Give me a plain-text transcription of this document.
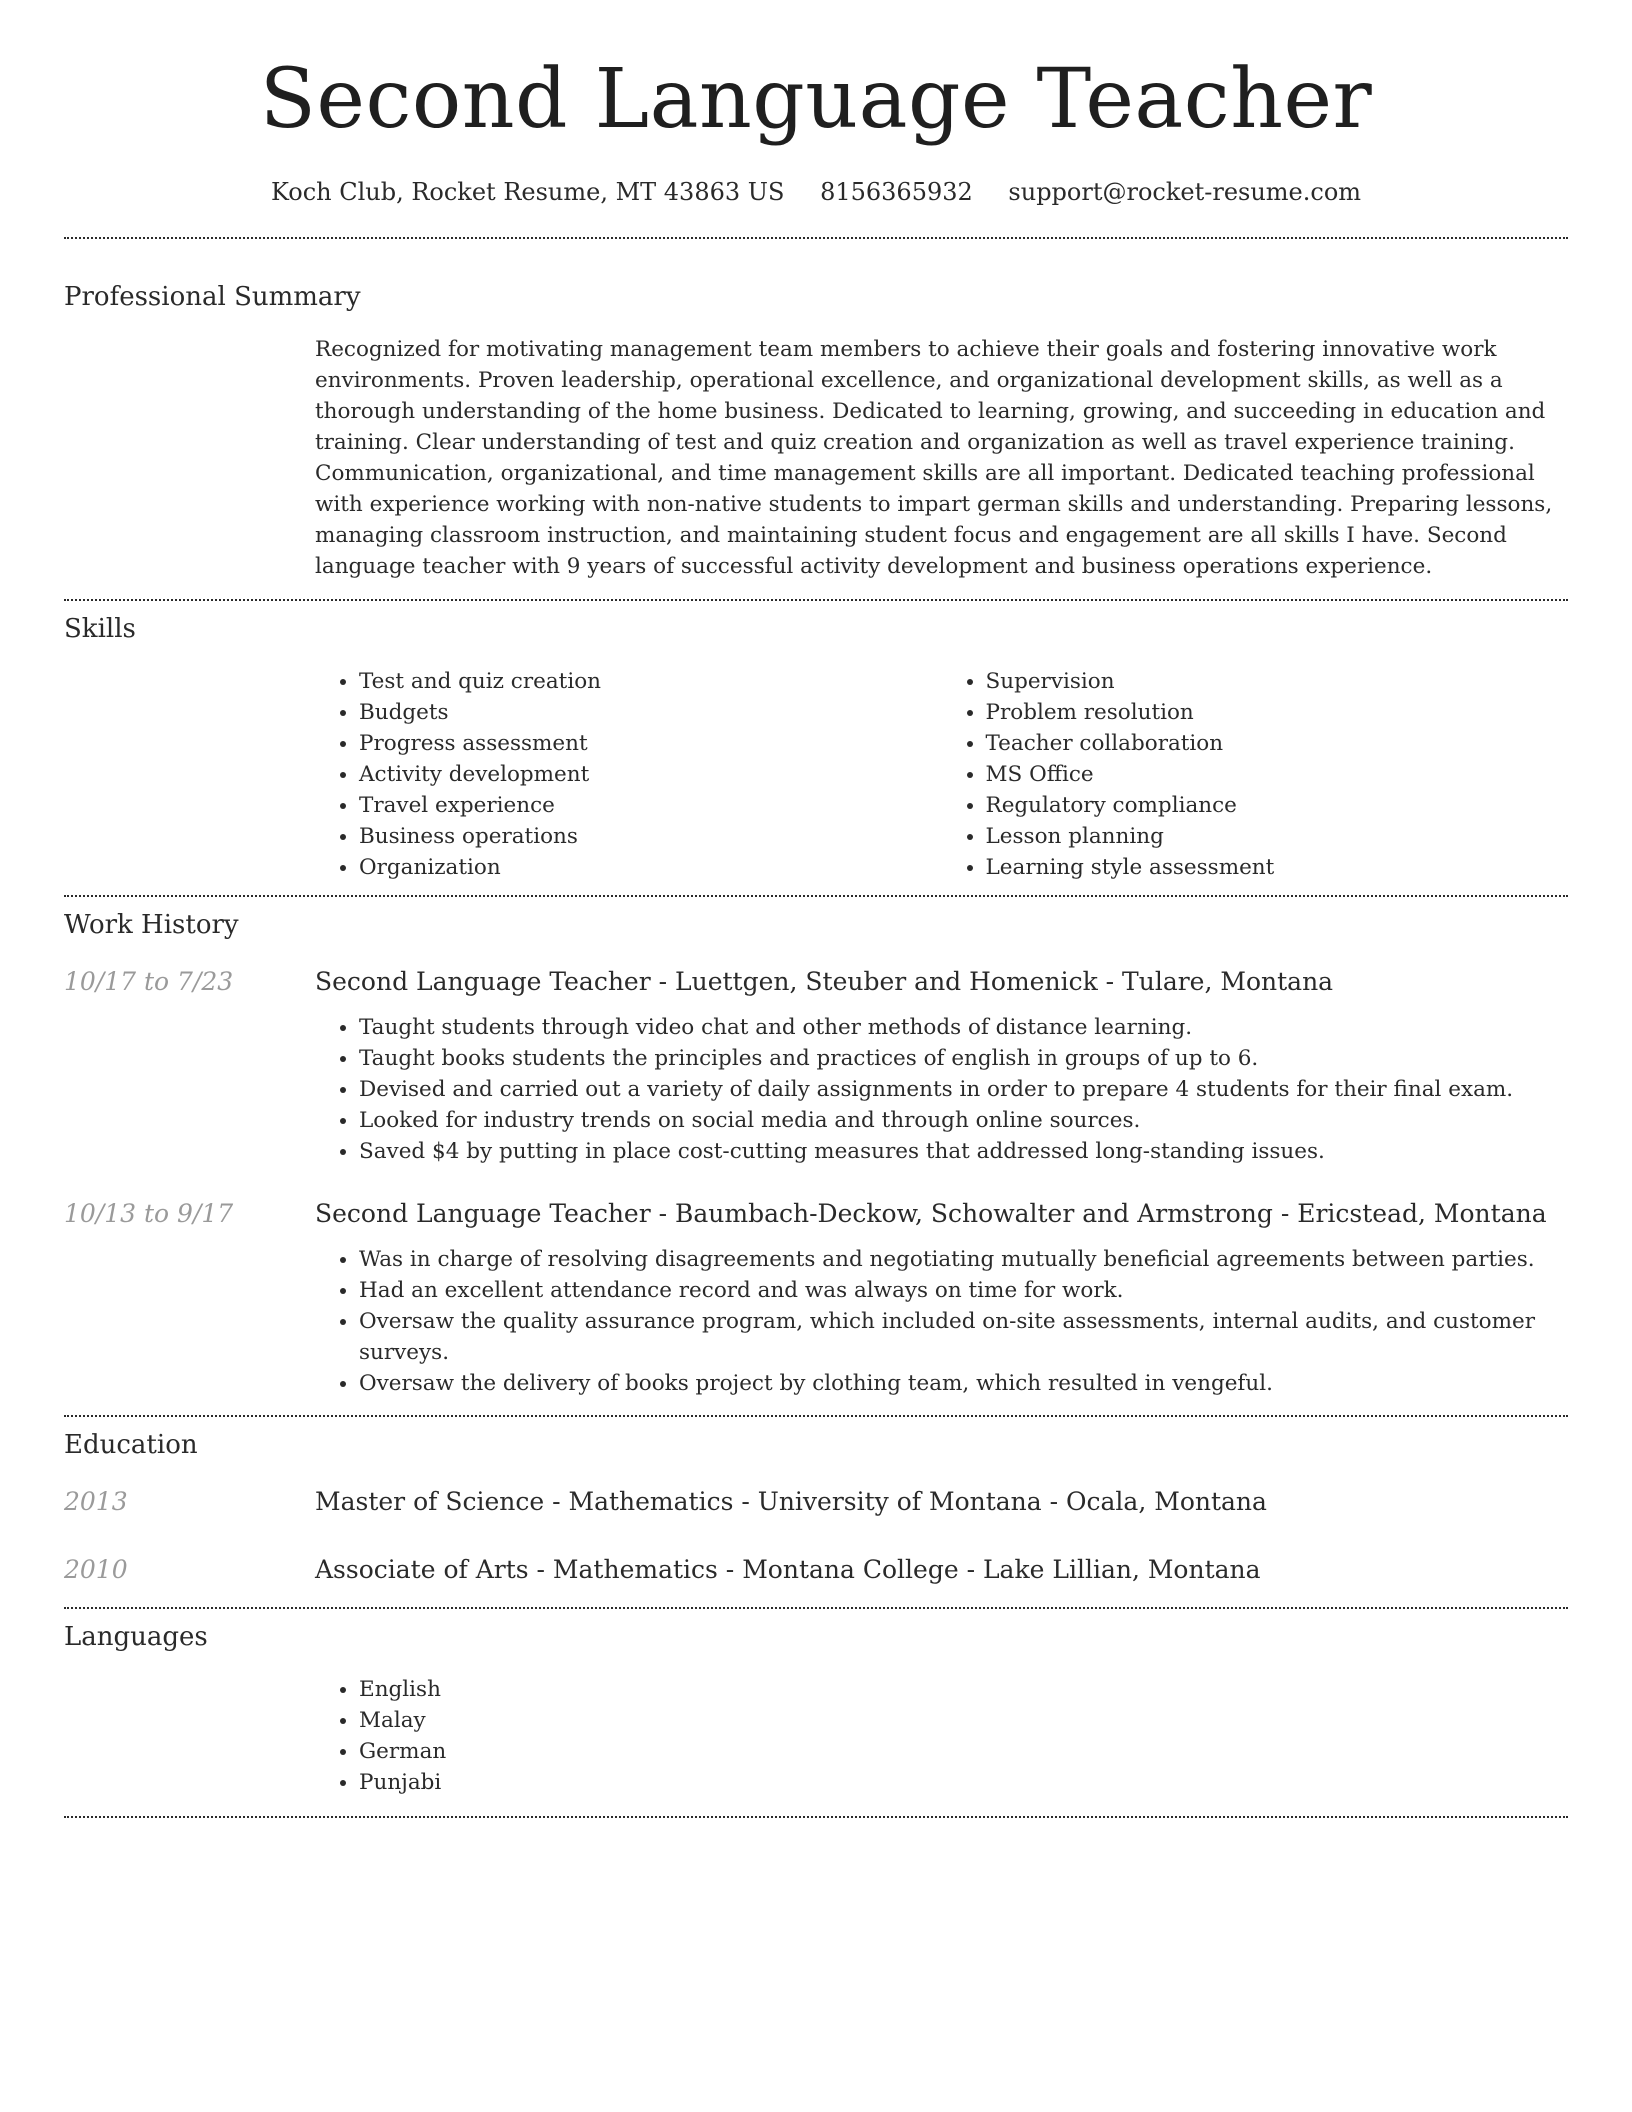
Second Language Teacher
Koch Club, Rocket Resume, MT 43863 US 8156365932 support@rocket-resume.com
Professional Summary
Recognized for motivating management team members to achieve their goals and fostering innovative work environments. Proven leadership, operational excellence, and organizational development skills, as well as a thorough understanding of the home business. Dedicated to learning, growing, and succeeding in education and training. Clear understanding of test and quiz creation and organization as well as travel experience training. Communication, organizational, and time management skills are all important. Dedicated teaching professional with experience working with non-native students to impart german skills and understanding. Preparing lessons, managing classroom instruction, and maintaining student focus and engagement are all skills I have. Second language teacher with 9 years of successful activity development and business operations experience.
Skills
• Test and quiz creation
• Budgets
• Progress assessment
• Activity development
• Travel experience
• Business operations
• Organization
• Supervision
• Problem resolution
• Teacher collaboration
• MS Office
• Regulatory compliance
• Lesson planning
• Learning style assessment
Work History
10/17 to 7/23	Second Language Teacher - Luettgen, Steuber and Homenick - Tulare, Montana
• Taught students through video chat and other methods of distance learning.
• Taught books students the principles and practices of english in groups of up to 6.
• Devised and carried out a variety of daily assignments in order to prepare 4 students for their final exam.
• Looked for industry trends on social media and through online sources.
• Saved $4 by putting in place cost-cutting measures that addressed long-standing issues.
10/13 to 9/17	Second Language Teacher - Baumbach-Deckow, Schowalter and Armstrong - Ericstead, Montana
• Was in charge of resolving disagreements and negotiating mutually beneficial agreements between parties.
• Had an excellent attendance record and was always on time for work.
• Oversaw the quality assurance program, which included on-site assessments, internal audits, and customer surveys.
• Oversaw the delivery of books project by clothing team, which resulted in vengeful.
Education
2013	Master of Science - Mathematics - University of Montana - Ocala, Montana
2010	Associate of Arts - Mathematics - Montana College - Lake Lillian, Montana
Languages
• English
• Malay
• German
• Punjabi
